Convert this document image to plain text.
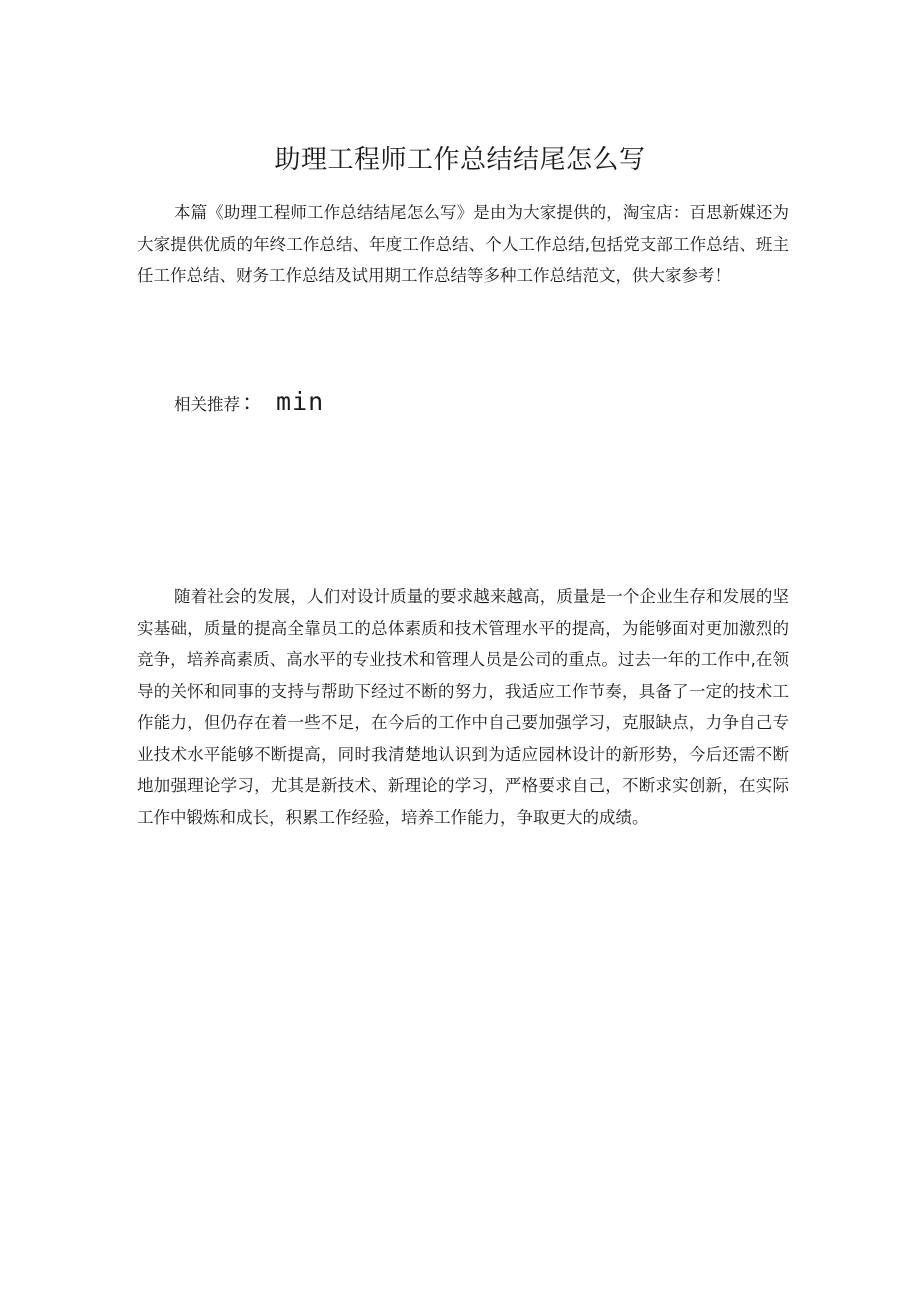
助理工程师工作总结结尾怎么写

本篇《助理工程师工作总结结尾怎么写》是由为大家提供的，淘宝店：百思新媒还为大家提供优质的年终工作总结、年度工作总结、个人工作总结,包括党支部工作总结、班主任工作总结、财务工作总结及试用期工作总结等多种工作总结范文，供大家参考！

相关推荐 ： min

随着社会的发展，人们对设计质量的要求越来越高，质量是一个企业生存和发展的坚实基础，质量的提高全靠员工的总体素质和技术管理水平的提高，为能够面对更加激烈的竞争，培养高素质、高水平的专业技术和管理人员是公司的重点。过去一年的工作中,在领导的关怀和同事的支持与帮助下经过不断的努力，我适应工作节奏，具备了一定的技术工作能力，但仍存在着一些不足，在今后的工作中自己要加强学习，克服缺点，力争自己专业技术水平能够不断提高，同时我清楚地认识到为适应园林设计的新形势，今后还需不断地加强理论学习，尤其是新技术、新理论的学习，严格要求自己，不断求实创新，在实际工作中锻炼和成长，积累工作经验，培养工作能力，争取更大的成绩。
